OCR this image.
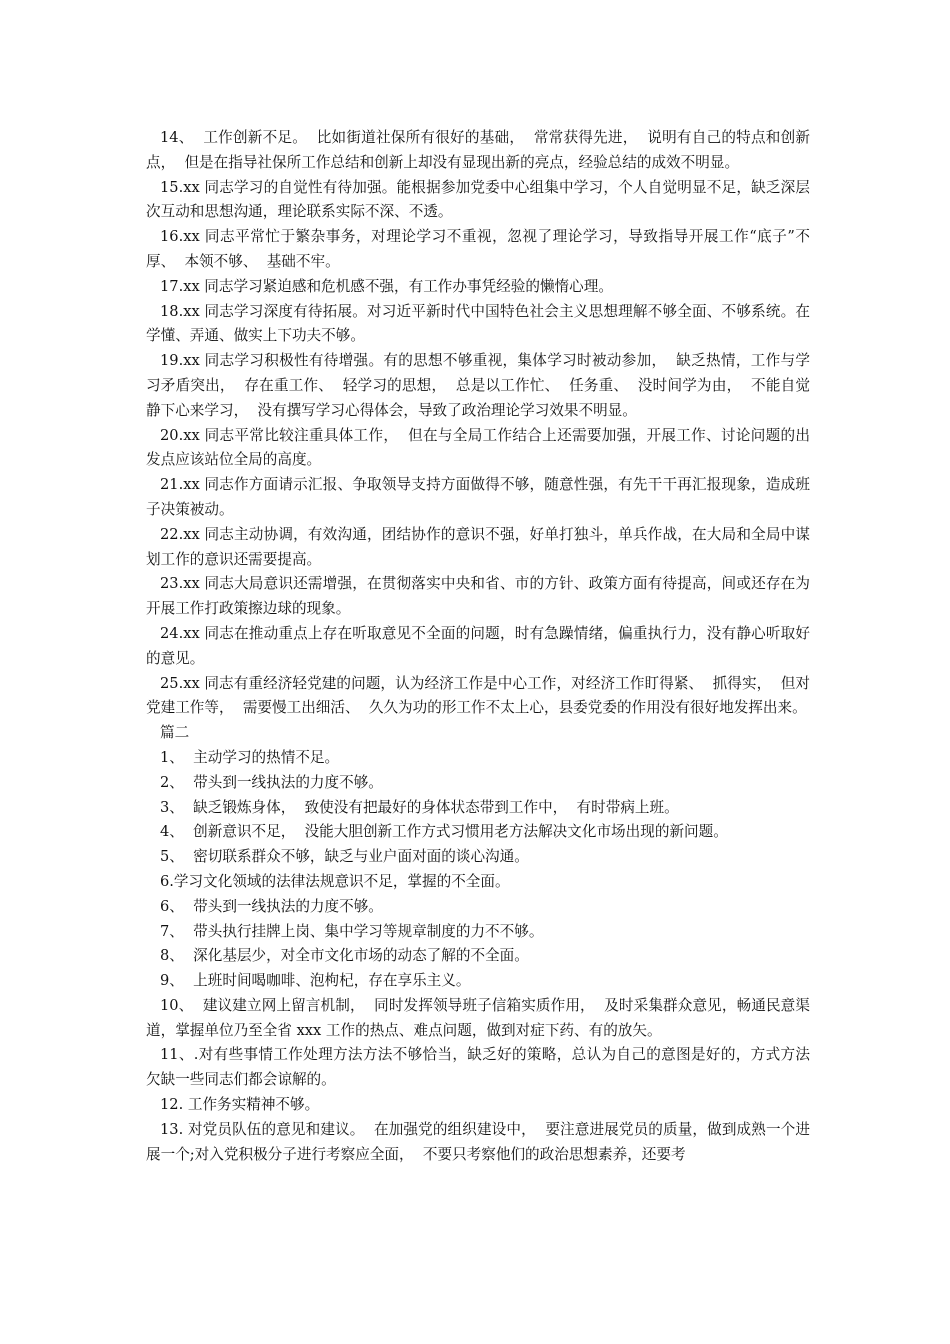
14、  工作创新不足。  比如街道社保所有很好的基础，  常常获得先进，  说明有自己的特点和创新点，  但是在指导社保所工作总结和创新上却没有显现出新的亮点，经验总结的成效不明显。

15.xx 同志学习的自觉性有待加强。能根据参加党委中心组集中学习，个人自觉明显不足，缺乏深层次互动和思想沟通，理论联系实际不深、不透。

16.xx 同志平常忙于繁杂事务，对理论学习不重视，忽视了理论学习，导致指导开展工作“底子”不厚、  本领不够、  基础不牢。

17.xx 同志学习紧迫感和危机感不强，有工作办事凭经验的懒惰心理。

18.xx 同志学习深度有待拓展。对习近平新时代中国特色社会主义思想理解不够全面、不够系统。在学懂、弄通、做实上下功夫不够。

19.xx 同志学习积极性有待增强。有的思想不够重视，集体学习时被动参加，  缺乏热情，工作与学习矛盾突出，  存在重工作、  轻学习的思想，  总是以工作忙、  任务重、  没时间学为由，  不能自觉静下心来学习，  没有撰写学习心得体会，导致了政治理论学习效果不明显。

20.xx 同志平常比较注重具体工作，  但在与全局工作结合上还需要加强，开展工作、讨论问题的出发点应该站位全局的高度。

21.xx 同志作方面请示汇报、争取领导支持方面做得不够，随意性强，有先干干再汇报现象，造成班子决策被动。

22.xx 同志主动协调，有效沟通，团结协作的意识不强，好单打独斗，单兵作战，在大局和全局中谋划工作的意识还需要提高。

23.xx 同志大局意识还需增强，在贯彻落实中央和省、市的方针、政策方面有待提高，间或还存在为开展工作打政策擦边球的现象。

24.xx 同志在推动重点上存在听取意见不全面的问题，时有急躁情绪，偏重执行力，没有静心听取好的意见。

25.xx 同志有重经济轻党建的问题，认为经济工作是中心工作，对经济工作盯得紧、  抓得实，  但对党建工作等，  需要慢工出细活、  久久为功的形工作不太上心，县委党委的作用没有很好地发挥出来。

篇二

1、  主动学习的热情不足。

2、  带头到一线执法的力度不够。

3、  缺乏锻炼身体，  致使没有把最好的身体状态带到工作中，  有时带病上班。

4、  创新意识不足，  没能大胆创新工作方式习惯用老方法解决文化市场出现的新问题。

5、  密切联系群众不够，缺乏与业户面对面的谈心沟通。

6.学习文化领域的法律法规意识不足，掌握的不全面。

6、  带头到一线执法的力度不够。

7、  带头执行挂牌上岗、集中学习等规章制度的力不不够。

8、  深化基层少，对全市文化市场的动态了解的不全面。

9、  上班时间喝咖啡、泡枸杞，存在享乐主义。

10、  建议建立网上留言机制，  同时发挥领导班子信箱实质作用，  及时采集群众意见，畅通民意渠道，掌握单位乃至全省 xxx 工作的热点、难点问题，做到对症下药、有的放矢。

11、.对有些事情工作处理方法方法不够恰当，缺乏好的策略，总认为自己的意图是好的，方式方法欠缺一些同志们都会谅解的。

12. 工作务实精神不够。

13. 对党员队伍的意见和建议。  在加强党的组织建设中，  要注意进展党员的质量，做到成熟一个进展一个;对入党积极分子进行考察应全面，  不要只考察他们的政治思想素养，还要考
